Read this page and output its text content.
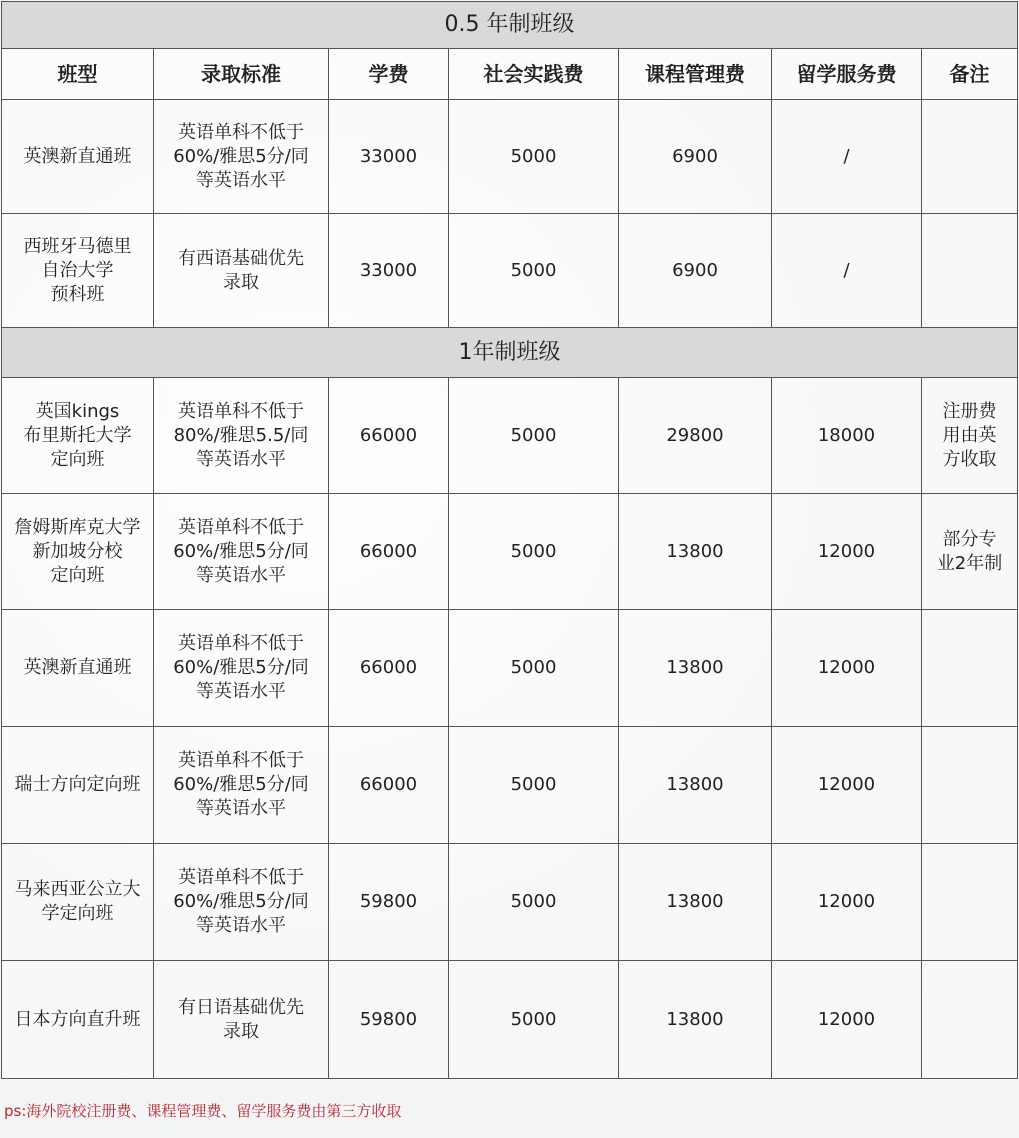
0.5 年制班级						
班型	录取标准	学费	社会实践费	课程管理费	留学服务费	备注
英澳新直通班	英语单科不低于
60%/雅思5分/同
等英语水平	33000	5000	6900	/	
西班牙马德里
自治大学
预科班	有西语基础优先
录取	33000	5000	6900	/	
1年制班级						
英国kings
布里斯托大学
定向班	英语单科不低于
80%/雅思5.5/同
等英语水平	66000	5000	29800	18000	注册费
用由英
方收取
詹姆斯库克大学
新加坡分校
定向班	英语单科不低于
60%/雅思5分/同
等英语水平	66000	5000	13800	12000	部分专
业2年制
英澳新直通班	英语单科不低于
60%/雅思5分/同
等英语水平	66000	5000	13800	12000	
瑞士方向定向班	英语单科不低于
60%/雅思5分/同
等英语水平	66000	5000	13800	12000	
马来西亚公立大
学定向班	英语单科不低于
60%/雅思5分/同
等英语水平	59800	5000	13800	12000	
日本方向直升班	有日语基础优先
录取	59800	5000	13800	12000	
ps:海外院校注册费、课程管理费、留学服务费由第三方收取
